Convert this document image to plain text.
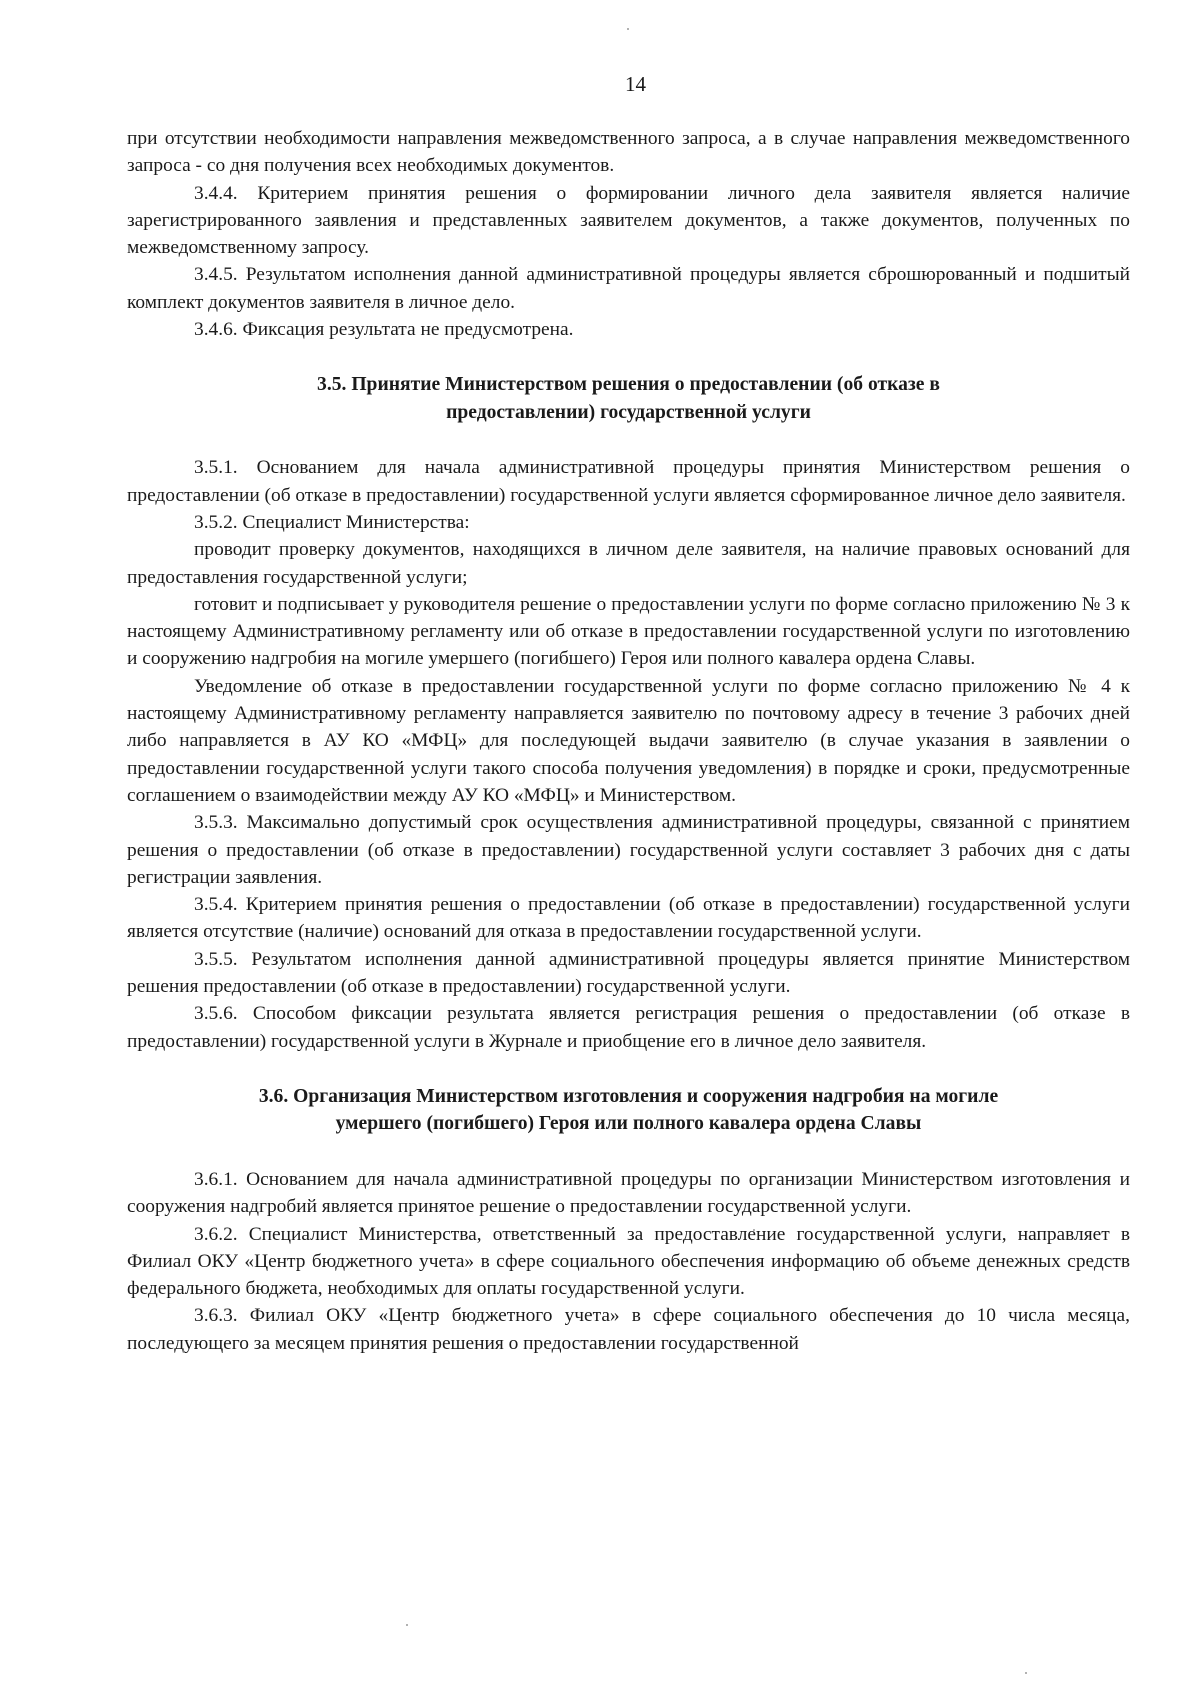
14

при отсутствии необходимости направления межведомственного запроса, а в случае направления межведомственного запроса - со дня получения всех необходимых документов.

3.4.4. Критерием принятия решения о формировании личного дела заявителя является наличие зарегистрированного заявления и представленных заявителем документов, а также документов, полученных по межведомственному запросу.

3.4.5. Результатом исполнения данной административной процедуры является сброшюрованный и подшитый комплект документов заявителя в личное дело.

3.4.6. Фиксация результата не предусмотрена.

3.5. Принятие Министерством решения о предоставлении (об отказе в
предоставлении) государственной услуги

3.5.1. Основанием для начала административной процедуры принятия Министерством решения о предоставлении (об отказе в предоставлении) государственной услуги является сформированное личное дело заявителя.

3.5.2. Специалист Министерства:

проводит проверку документов, находящихся в личном деле заявителя, на наличие правовых оснований для предоставления государственной услуги;

готовит и подписывает у руководителя решение о предоставлении услуги по форме согласно приложению № 3 к настоящему Административному регламенту или об отказе в предоставлении государственной услуги по изготовлению и сооружению надгробия на могиле умершего (погибшего) Героя или полного кавалера ордена Славы.

Уведомление об отказе в предоставлении государственной услуги по форме согласно приложению № 4 к настоящему Административному регламенту направляется заявителю по почтовому адресу в течение 3 рабочих дней либо направляется в АУ КО «МФЦ» для последующей выдачи заявителю (в случае указания в заявлении о предоставлении государственной услуги такого способа получения уведомления) в порядке и сроки, предусмотренные соглашением о взаимодействии между АУ КО «МФЦ» и Министерством.

3.5.3. Максимально допустимый срок осуществления административной процедуры, связанной с принятием решения о предоставлении (об отказе в предоставлении) государственной услуги составляет 3 рабочих дня с даты регистрации заявления.

3.5.4. Критерием принятия решения о предоставлении (об отказе в предоставлении) государственной услуги является отсутствие (наличие) оснований для отказа в предоставлении государственной услуги.

3.5.5. Результатом исполнения данной административной процедуры является принятие Министерством решения предоставлении (об отказе в предоставлении) государственной услуги.

3.5.6. Способом фиксации результата является регистрация решения о предоставлении (об отказе в предоставлении) государственной услуги в Журнале и приобщение его в личное дело заявителя.

3.6. Организация Министерством изготовления и сооружения надгробия на могиле
умершего (погибшего) Героя или полного кавалера ордена Славы

3.6.1. Основанием для начала административной процедуры по организации Министерством изготовления и сооружения надгробий является принятое решение о предоставлении государственной услуги.

3.6.2. Специалист Министерства, ответственный за предоставление государственной услуги, направляет в Филиал ОКУ «Центр бюджетного учета» в сфере социального обеспечения информацию об объеме денежных средств федерального бюджета, необходимых для оплаты государственной услуги.

3.6.3. Филиал ОКУ «Центр бюджетного учета» в сфере социального обеспечения до 10 числа месяца, последующего за месяцем принятия решения о предоставлении государственной
